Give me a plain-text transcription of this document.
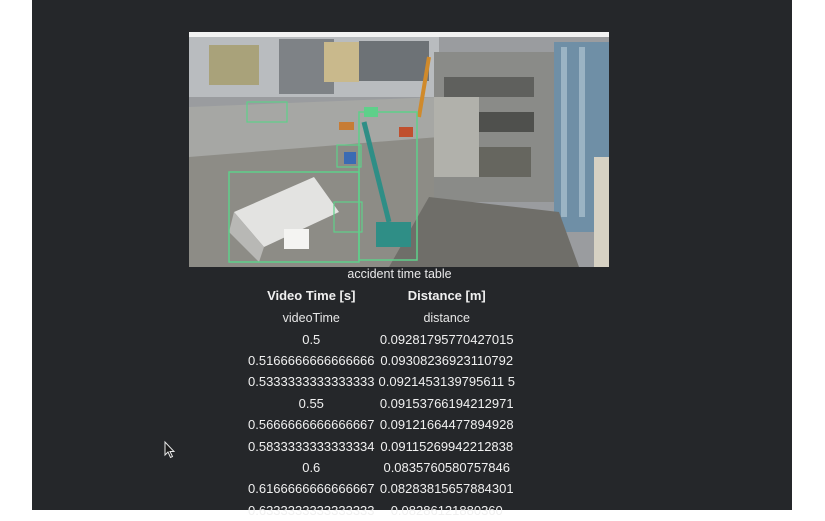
accident time table
Video Time [s]	Distance [m]
videoTime	distance
0.5	0.09281795770427015
0.5166666666666666	0.09308236923110792
0.5333333333333333	0.0921453139795611 5
0.55	0.09153766194212971
0.5666666666666667	0.09121664477894928
0.5833333333333334	0.09115269942212838
0.6	0.0835760580757846
0.6166666666666667	0.08283815657884301
0.6333333333333333	0.08286121880360
